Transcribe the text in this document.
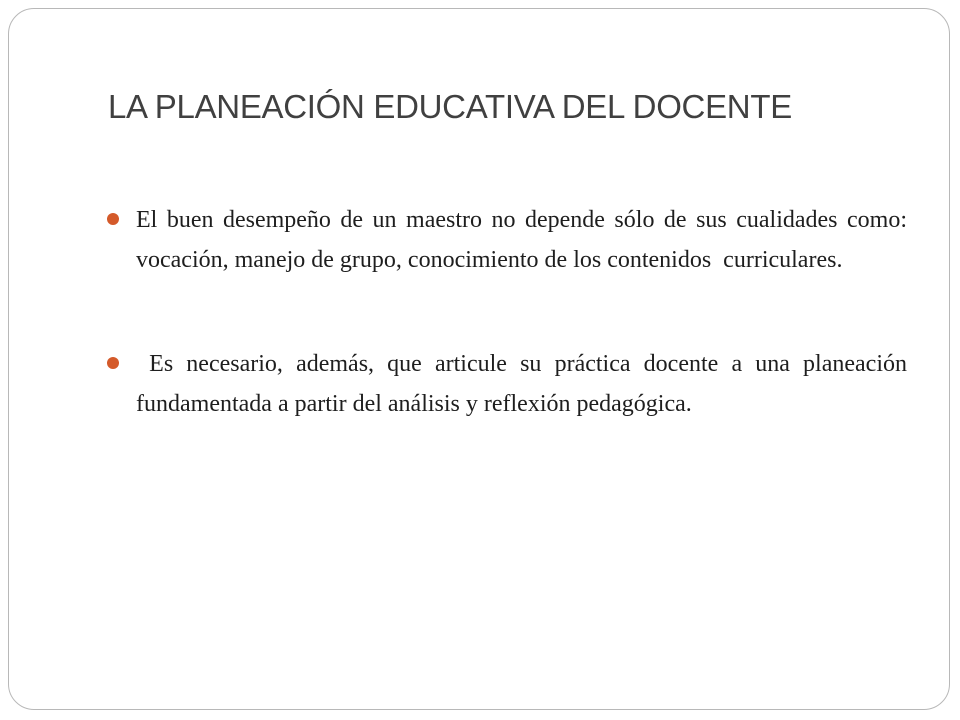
LA PLANEACIÓN EDUCATIVA DEL DOCENTE
El buen desempeño de un maestro no depende sólo de sus cualidades como: vocación, manejo de grupo, conocimiento de los contenidos  curriculares.
Es necesario, además, que articule su práctica docente a una planeación fundamentada a partir del análisis y reflexión pedagógica.
